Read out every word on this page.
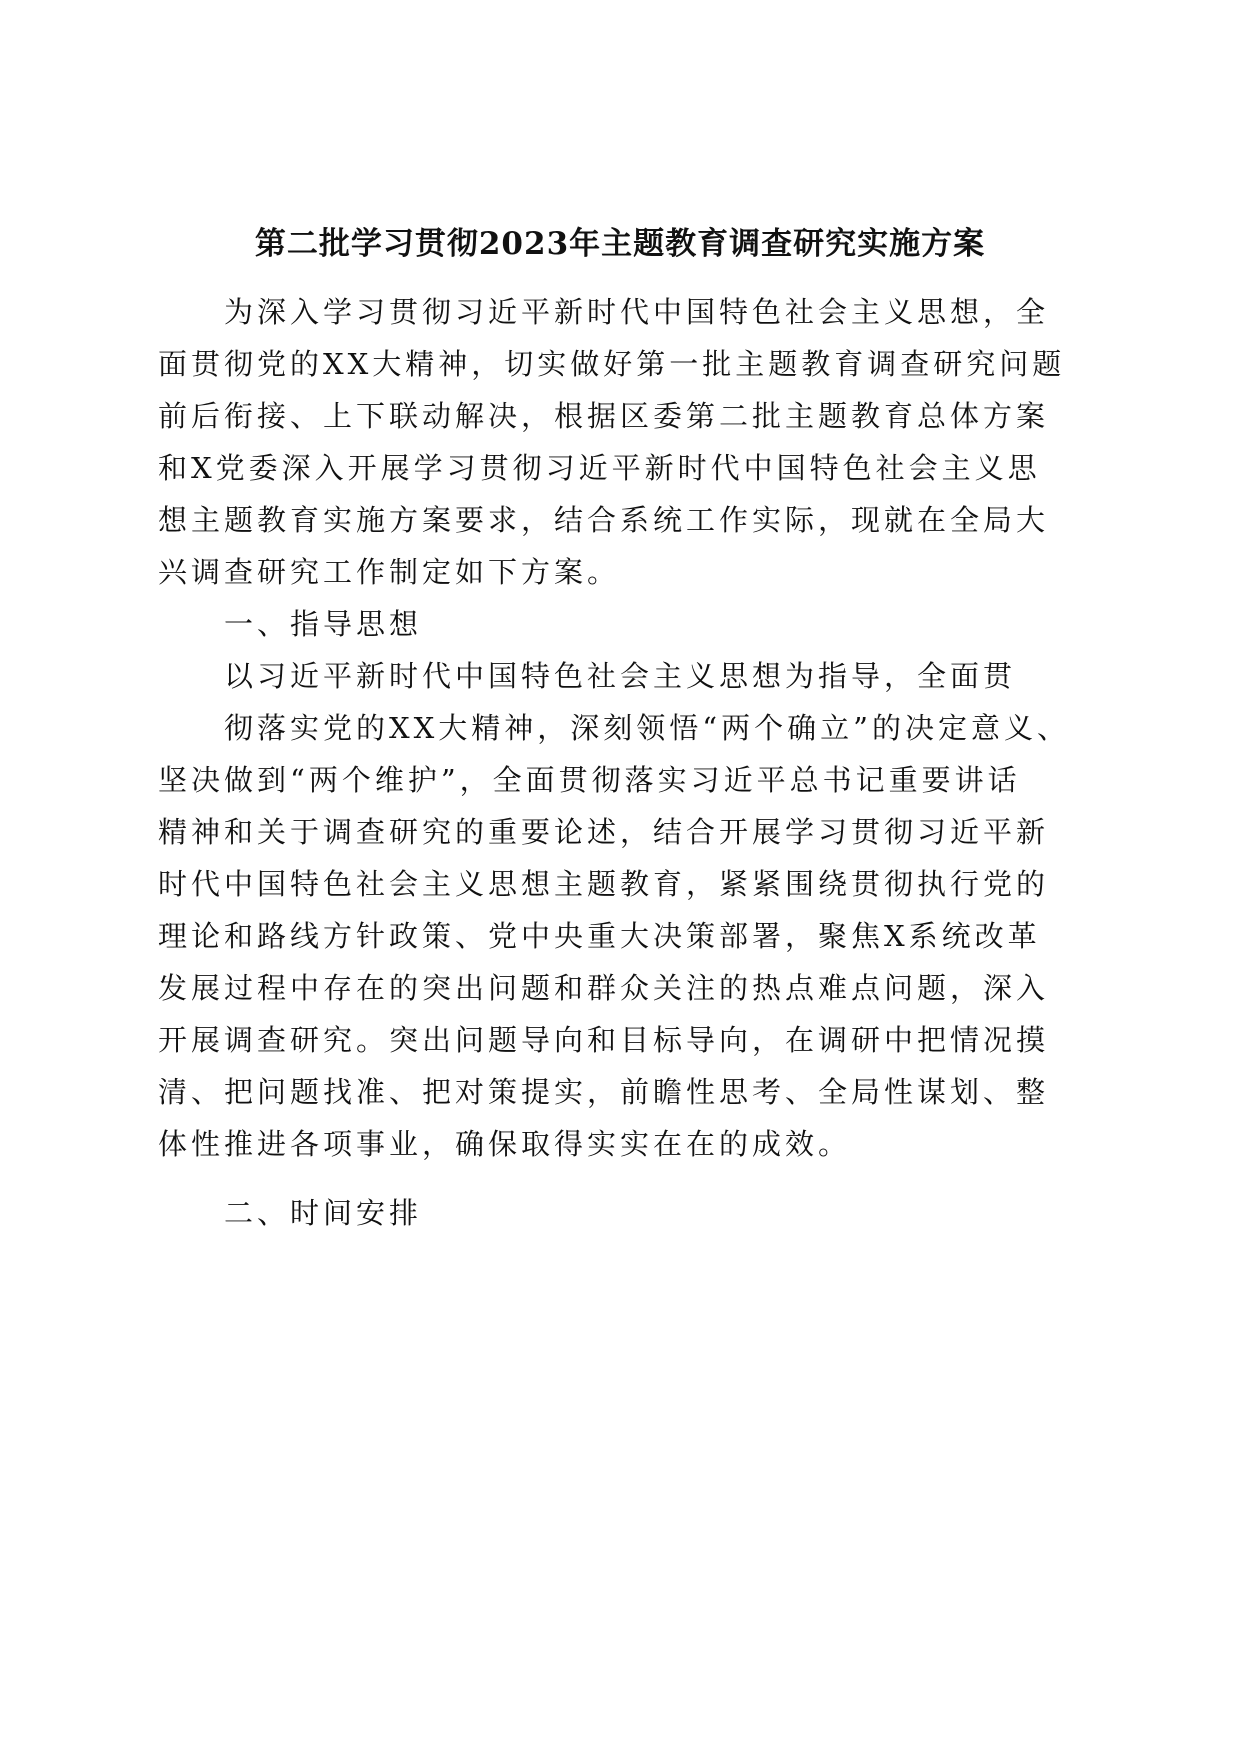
第二批学习贯彻2023年主题教育调查研究实施方案
为深入学习贯彻习近平新时代中国特色社会主义思想，全
面贯彻党的XX大精神，切实做好第一批主题教育调查研究问题
前后衔接、上下联动解决，根据区委第二批主题教育总体方案
和X党委深入开展学习贯彻习近平新时代中国特色社会主义思
想主题教育实施方案要求，结合系统工作实际，现就在全局大
兴调查研究工作制定如下方案。
一、指导思想
以习近平新时代中国特色社会主义思想为指导，全面贯
彻落实党的XX大精神，深刻领悟“两个确立”的决定意义、
坚决做到“两个维护”，全面贯彻落实习近平总书记重要讲话
精神和关于调查研究的重要论述，结合开展学习贯彻习近平新
时代中国特色社会主义思想主题教育，紧紧围绕贯彻执行党的
理论和路线方针政策、党中央重大决策部署，聚焦X系统改革
发展过程中存在的突出问题和群众关注的热点难点问题，深入
开展调查研究。突出问题导向和目标导向，在调研中把情况摸
清、把问题找准、把对策提实，前瞻性思考、全局性谋划、整
体性推进各项事业，确保取得实实在在的成效。
二、时间安排
